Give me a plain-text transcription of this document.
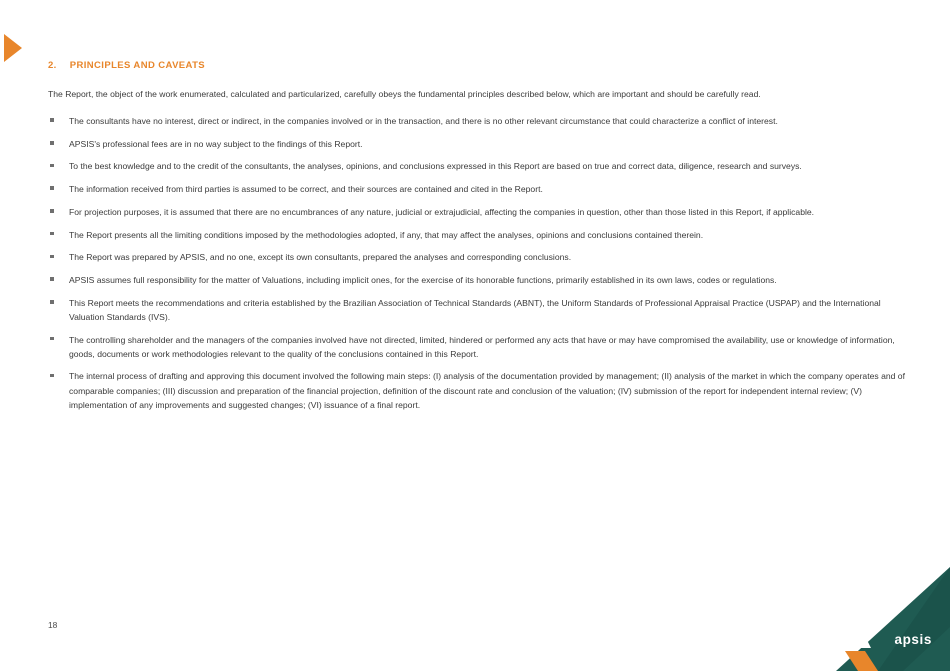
2. PRINCIPLES AND CAVEATS
The Report, the object of the work enumerated, calculated and particularized, carefully obeys the fundamental principles described below, which are important and should be carefully read.
The consultants have no interest, direct or indirect, in the companies involved or in the transaction, and there is no other relevant circumstance that could characterize a conflict of interest.
APSIS's professional fees are in no way subject to the findings of this Report.
To the best knowledge and to the credit of the consultants, the analyses, opinions, and conclusions expressed in this Report are based on true and correct data, diligence, research and surveys.
The information received from third parties is assumed to be correct, and their sources are contained and cited in the Report.
For projection purposes, it is assumed that there are no encumbrances of any nature, judicial or extrajudicial, affecting the companies in question, other than those listed in this Report, if applicable.
The Report presents all the limiting conditions imposed by the methodologies adopted, if any, that may affect the analyses, opinions and conclusions contained therein.
The Report was prepared by APSIS, and no one, except its own consultants, prepared the analyses and corresponding conclusions.
APSIS assumes full responsibility for the matter of Valuations, including implicit ones, for the exercise of its honorable functions, primarily established in its own laws, codes or regulations.
This Report meets the recommendations and criteria established by the Brazilian Association of Technical Standards (ABNT), the Uniform Standards of Professional Appraisal Practice (USPAP) and the International Valuation Standards (IVS).
The controlling shareholder and the managers of the companies involved have not directed, limited, hindered or performed any acts that have or may have compromised the availability, use or knowledge of information, goods, documents or work methodologies relevant to the quality of the conclusions contained in this Report.
The internal process of drafting and approving this document involved the following main steps: (I) analysis of the documentation provided by management; (II) analysis of the market in which the company operates and of comparable companies; (III) discussion and preparation of the financial projection, definition of the discount rate and conclusion of the valuation; (IV) submission of the report for independent internal review; (V) implementation of any improvements and suggested changes; (VI) issuance of a final report.
18
apsis
